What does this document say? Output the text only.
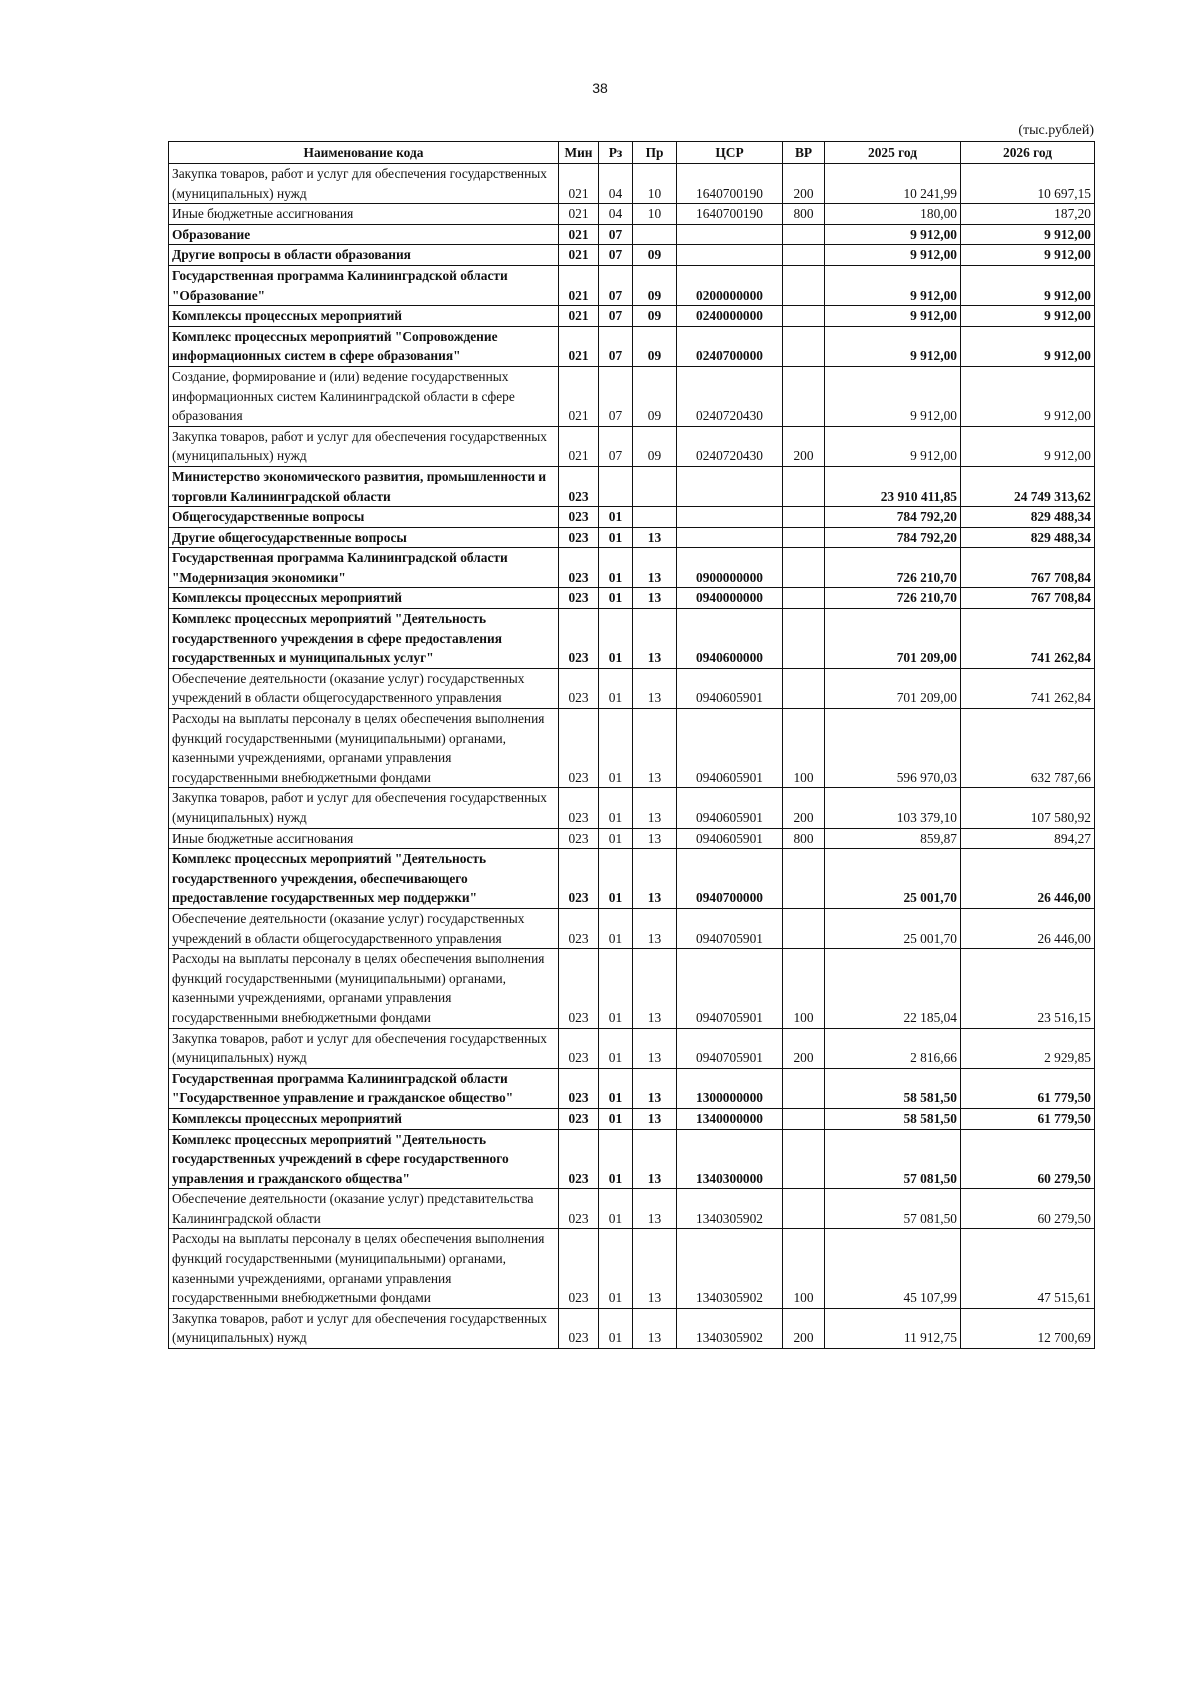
38
(тыс.рублей)
Наименование кода	Мин	Рз	Пр	ЦСР	ВР	2025 год	2026 год
Закупка товаров, работ и услуг для обеспечения государственных (муниципальных) нужд	021	04	10	1640700190	200	10 241,99	10 697,15
Иные бюджетные ассигнования	021	04	10	1640700190	800	180,00	187,20
Образование	021	07				9 912,00	9 912,00
Другие вопросы в области образования	021	07	09			9 912,00	9 912,00
Государственная программа Калининградской области "Образование"	021	07	09	0200000000		9 912,00	9 912,00
Комплексы процессных мероприятий	021	07	09	0240000000		9 912,00	9 912,00
Комплекс процессных мероприятий "Сопровождение информационных систем в сфере образования"	021	07	09	0240700000		9 912,00	9 912,00
Создание, формирование и (или) ведение государственных информационных систем Калининградской области в сфере образования	021	07	09	0240720430		9 912,00	9 912,00
Закупка товаров, работ и услуг для обеспечения государственных (муниципальных) нужд	021	07	09	0240720430	200	9 912,00	9 912,00
Министерство экономического развития, промышленности и торговли Калининградской области	023					23 910 411,85	24 749 313,62
Общегосударственные вопросы	023	01				784 792,20	829 488,34
Другие общегосударственные вопросы	023	01	13			784 792,20	829 488,34
Государственная программа Калининградской области "Модернизация экономики"	023	01	13	0900000000		726 210,70	767 708,84
Комплексы процессных мероприятий	023	01	13	0940000000		726 210,70	767 708,84
Комплекс процессных мероприятий "Деятельность государственного учреждения в сфере предоставления государственных и муниципальных услуг"	023	01	13	0940600000		701 209,00	741 262,84
Обеспечение деятельности (оказание услуг) государственных учреждений в области общегосударственного управления	023	01	13	0940605901		701 209,00	741 262,84
Расходы на выплаты персоналу в целях обеспечения выполнения функций государственными (муниципальными) органами, казенными учреждениями, органами управления государственными внебюджетными фондами	023	01	13	0940605901	100	596 970,03	632 787,66
Закупка товаров, работ и услуг для обеспечения государственных (муниципальных) нужд	023	01	13	0940605901	200	103 379,10	107 580,92
Иные бюджетные ассигнования	023	01	13	0940605901	800	859,87	894,27
Комплекс процессных мероприятий "Деятельность государственного учреждения, обеспечивающего предоставление государственных мер поддержки"	023	01	13	0940700000		25 001,70	26 446,00
Обеспечение деятельности (оказание услуг) государственных учреждений в области общегосударственного управления	023	01	13	0940705901		25 001,70	26 446,00
Расходы на выплаты персоналу в целях обеспечения выполнения функций государственными (муниципальными) органами, казенными учреждениями, органами управления государственными внебюджетными фондами	023	01	13	0940705901	100	22 185,04	23 516,15
Закупка товаров, работ и услуг для обеспечения государственных (муниципальных) нужд	023	01	13	0940705901	200	2 816,66	2 929,85
Государственная программа Калининградской области "Государственное управление и гражданское общество"	023	01	13	1300000000		58 581,50	61 779,50
Комплексы процессных мероприятий	023	01	13	1340000000		58 581,50	61 779,50
Комплекс процессных мероприятий "Деятельность государственных учреждений в сфере государственного управления и гражданского общества"	023	01	13	1340300000		57 081,50	60 279,50
Обеспечение деятельности (оказание услуг) представительства Калининградской области	023	01	13	1340305902		57 081,50	60 279,50
Расходы на выплаты персоналу в целях обеспечения выполнения функций государственными (муниципальными) органами, казенными учреждениями, органами управления государственными внебюджетными фондами	023	01	13	1340305902	100	45 107,99	47 515,61
Закупка товаров, работ и услуг для обеспечения государственных (муниципальных) нужд	023	01	13	1340305902	200	11 912,75	12 700,69
